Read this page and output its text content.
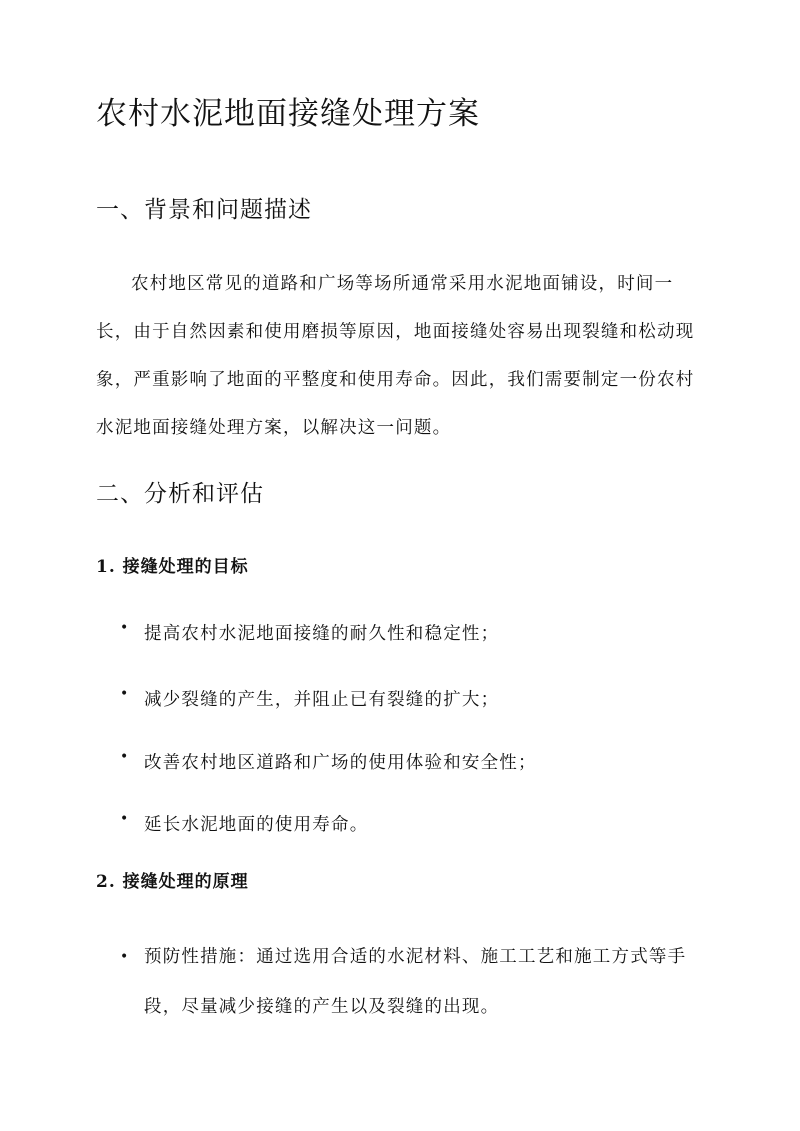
农村水泥地面接缝处理方案
一、背景和问题描述

农村地区常见的道路和广场等场所通常采用水泥地面铺设，时间一长，由于自然因素和使用磨损等原因，地面接缝处容易出现裂缝和松动现象，严重影响了地面的平整度和使用寿命。因此，我们需要制定一份农村水泥地面接缝处理方案，以解决这一问题。

二、分析和评估
1. 接缝处理的目标
• 提高农村水泥地面接缝的耐久性和稳定性；
• 减少裂缝的产生，并阻止已有裂缝的扩大；
• 改善农村地区道路和广场的使用体验和安全性；
• 延长水泥地面的使用寿命。
2. 接缝处理的原理
• 预防性措施：通过选用合适的水泥材料、施工工艺和施工方式等手段，尽量减少接缝的产生以及裂缝的出现。
